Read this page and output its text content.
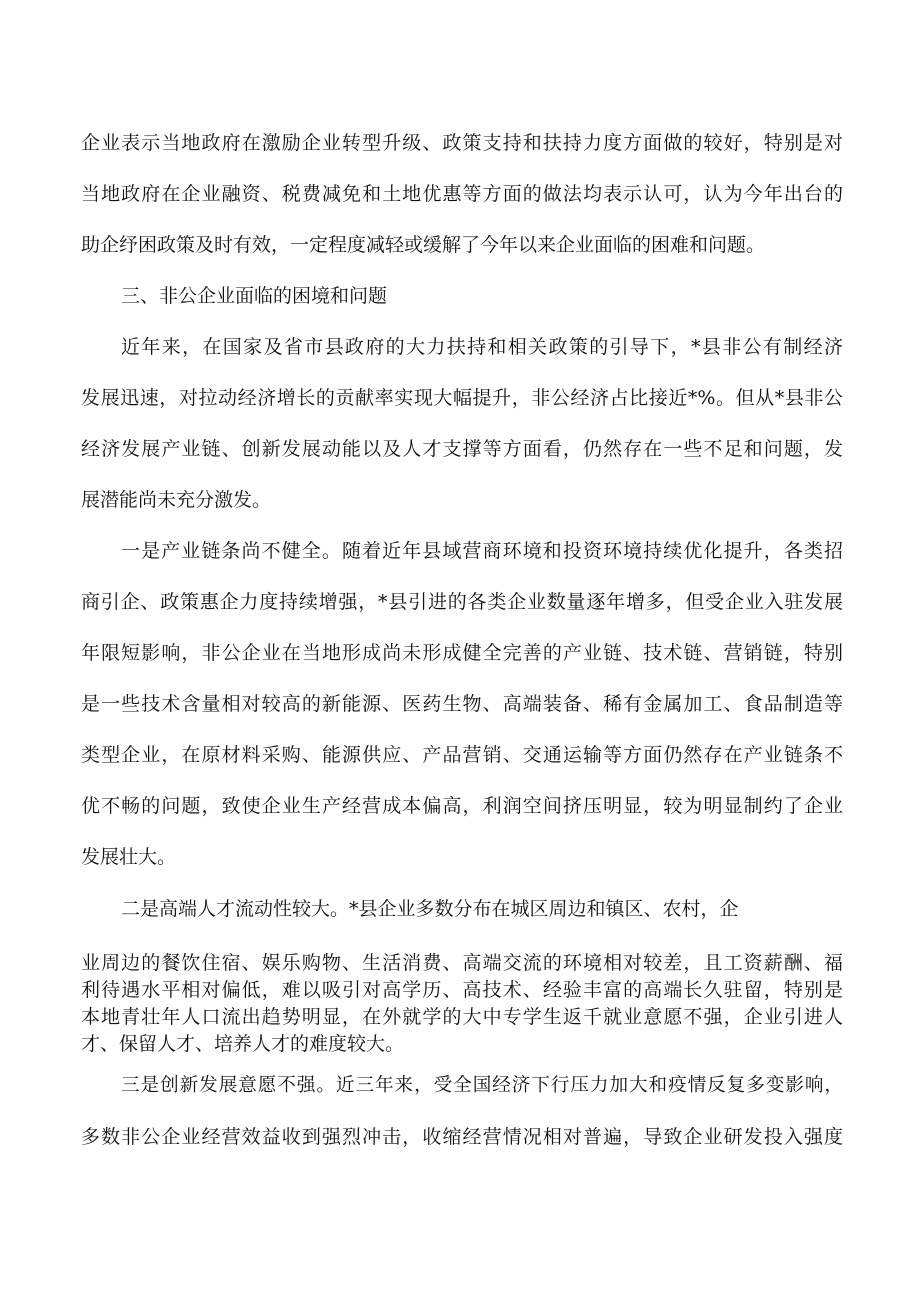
企业表示当地政府在激励企业转型升级、政策支持和扶持力度方面做的较好，特别是对

当地政府在企业融资、税费减免和土地优惠等方面的做法均表示认可，认为今年出台的

助企纾困政策及时有效，一定程度减轻或缓解了今年以来企业面临的困难和问题。

三、非公企业面临的困境和问题

近年来，在国家及省市县政府的大力扶持和相关政策的引导下，*县非公有制经济

发展迅速，对拉动经济增长的贡献率实现大幅提升，非公经济占比接近*%。但从*县非公

经济发展产业链、创新发展动能以及人才支撑等方面看，仍然存在一些不足和问题，发

展潜能尚未充分激发。

一是产业链条尚不健全。随着近年县域营商环境和投资环境持续优化提升，各类招

商引企、政策惠企力度持续增强，*县引进的各类企业数量逐年增多，但受企业入驻发展

年限短影响，非公企业在当地形成尚未形成健全完善的产业链、技术链、营销链，特别

是一些技术含量相对较高的新能源、医药生物、高端装备、稀有金属加工、食品制造等

类型企业，在原材料采购、能源供应、产品营销、交通运输等方面仍然存在产业链条不

优不畅的问题，致使企业生产经营成本偏高，利润空间挤压明显，较为明显制约了企业

发展壮大。

二是高端人才流动性较大。*县企业多数分布在城区周边和镇区、农村，企

业周边的餐饮住宿、娱乐购物、生活消费、高端交流的环境相对较差，且工资薪酬、福

利待遇水平相对偏低，难以吸引对高学历、高技术、经验丰富的高端长久驻留，特别是

本地青壮年人口流出趋势明显，在外就学的大中专学生返千就业意愿不强，企业引进人

才、保留人才、培养人才的难度较大。

三是创新发展意愿不强。近三年来，受全国经济下行压力加大和疫情反复多变影响，

多数非公企业经营效益收到强烈冲击，收缩经营情况相对普遍，导致企业研发投入强度
